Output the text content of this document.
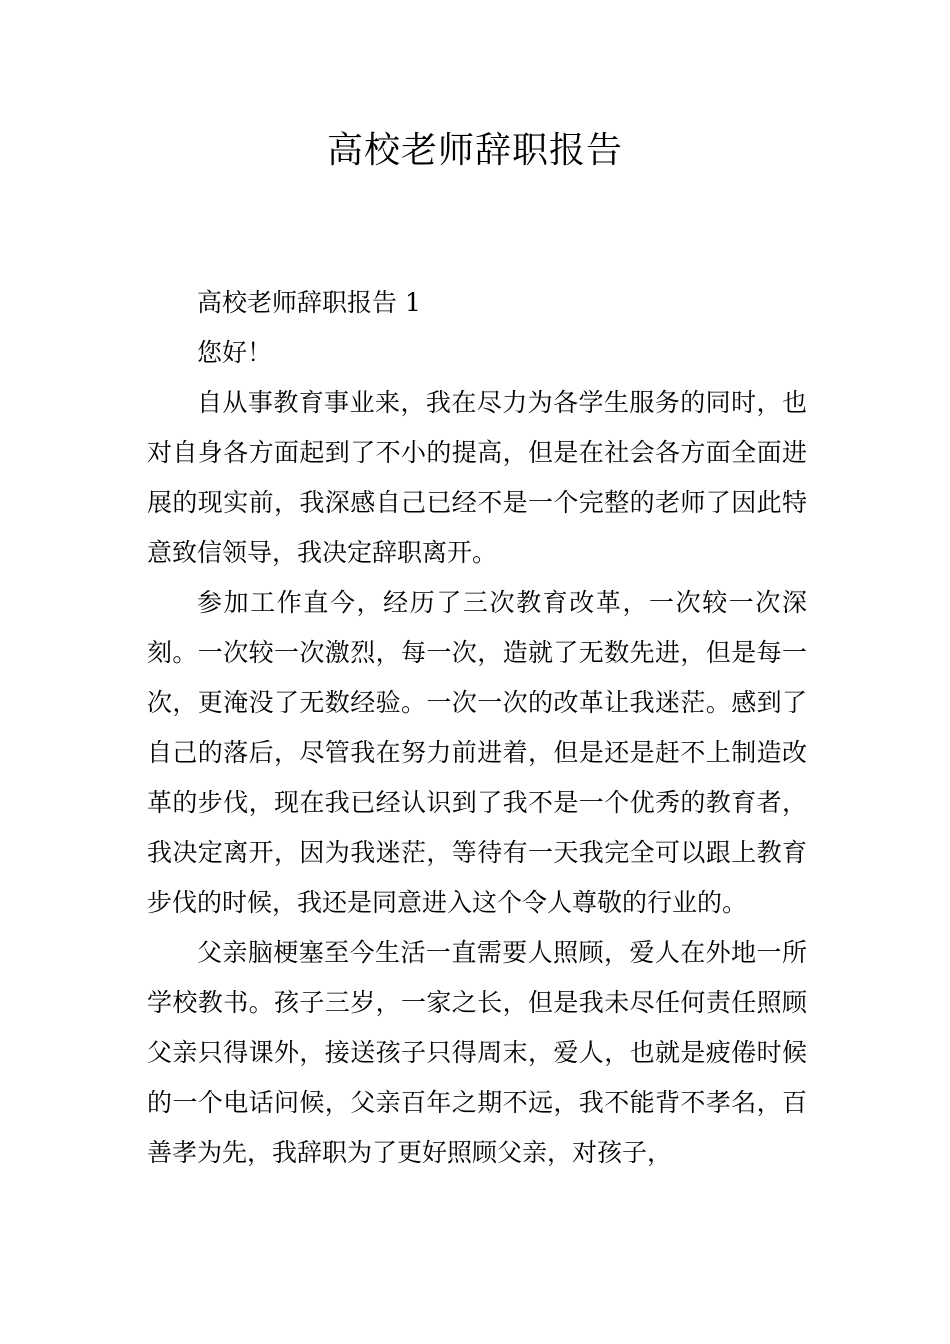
高校老师辞职报告

高校老师辞职报告 1

您好！

自从事教育事业来，我在尽力为各学生服务的同时，也对自身各方面起到了不小的提高，但是在社会各方面全面进展的现实前，我深感自己已经不是一个完整的老师了因此特意致信领导，我决定辞职离开。

参加工作直今，经历了三次教育改革，一次较一次深刻。一次较一次激烈，每一次，造就了无数先进，但是每一次，更淹没了无数经验。一次一次的改革让我迷茫。感到了自己的落后，尽管我在努力前进着，但是还是赶不上制造改革的步伐，现在我已经认识到了我不是一个优秀的教育者，我决定离开，因为我迷茫，等待有一天我完全可以跟上教育步伐的时候，我还是同意进入这个令人尊敬的行业的。

父亲脑梗塞至今生活一直需要人照顾，爱人在外地一所学校教书。孩子三岁，一家之长，但是我未尽任何责任照顾父亲只得课外，接送孩子只得周末，爱人，也就是疲倦时候的一个电话问候，父亲百年之期不远，我不能背不孝名，百善孝为先，我辞职为了更好照顾父亲，对孩子，
